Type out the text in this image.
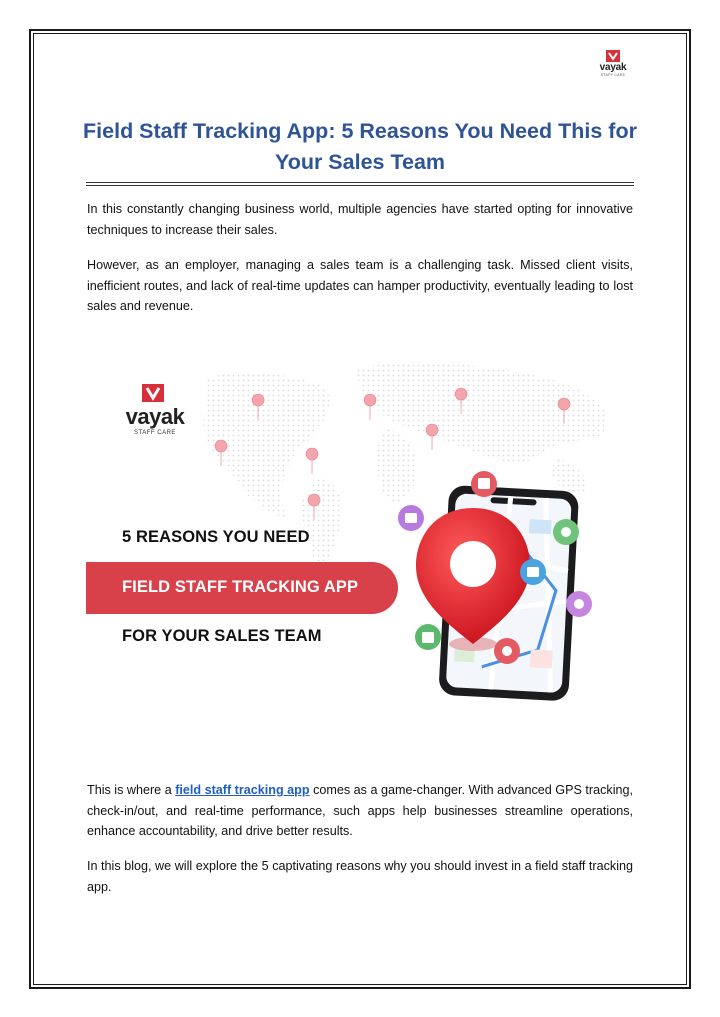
vayak
STAFF CARE
Field Staff Tracking App: 5 Reasons You Need This for Your Sales Team

In this constantly changing business world, multiple agencies have started opting for innovative techniques to increase their sales.

However, as an employer, managing a sales team is a challenging task. Missed client visits, inefficient routes, and lack of real-time updates can hamper productivity, eventually leading to lost sales and revenue.

vayak
STAFF CARE
5 REASONS YOU NEED
FIELD STAFF TRACKING APP
FOR YOUR SALES TEAM

This is where a field staff tracking app comes as a game-changer. With advanced GPS tracking, check-in/out, and real-time performance, such apps help businesses streamline operations, enhance accountability, and drive better results.

In this blog, we will explore the 5 captivating reasons why you should invest in a field staff tracking app.
